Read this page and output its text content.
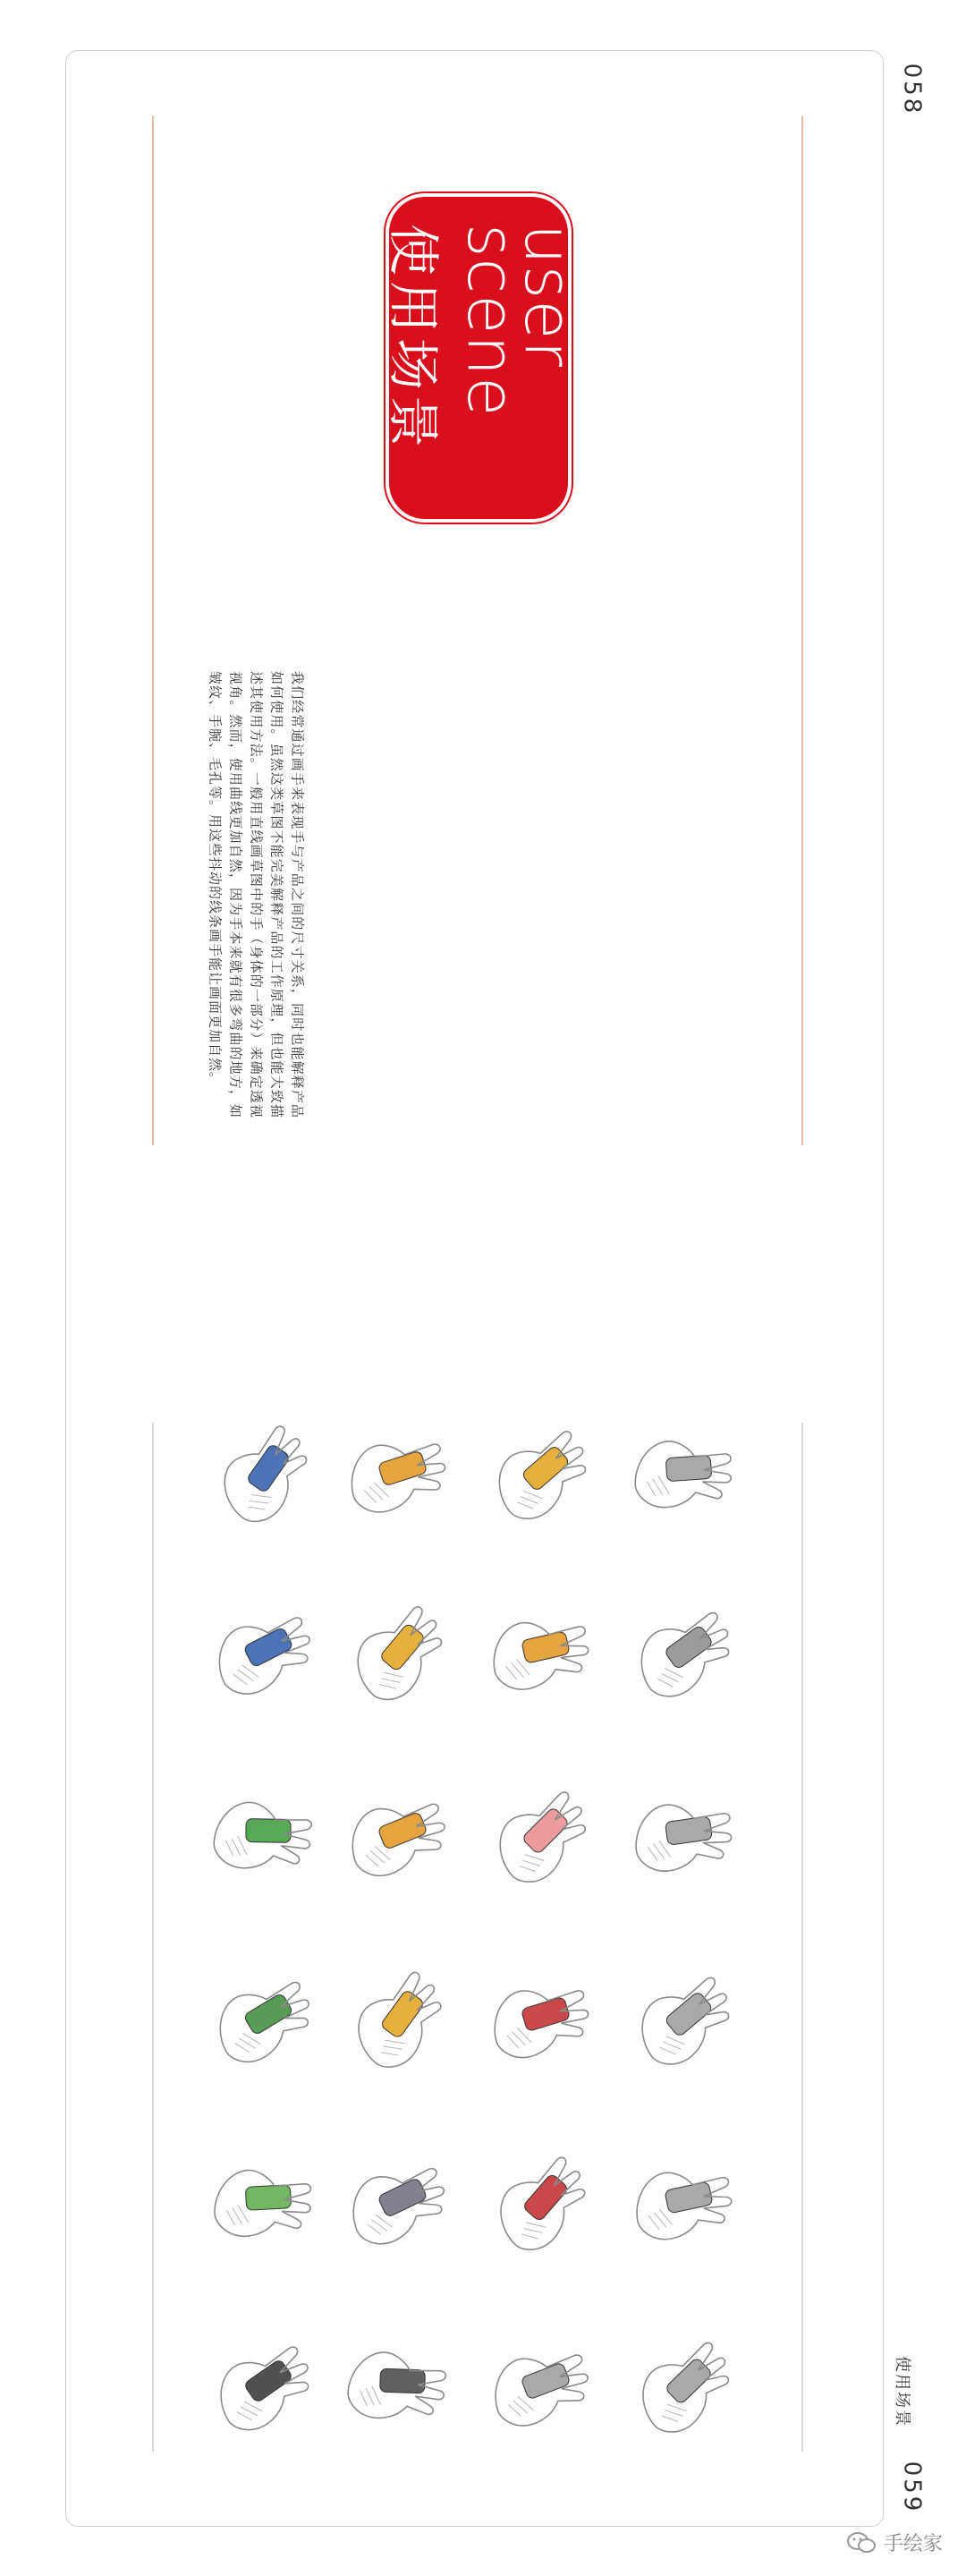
058
059
使用场景
user
scene
使用场景
我们经常通过画手来表现手与产品之间的尺寸关系，同时也能解释产品如何使用。虽然这类草图不能完美解释产品的工作原理，但也能大致描述其使用方法。一般用直线画草图中的手（身体的一部分）来确定透视视角。然而，使用曲线更加自然，因为手本来就有很多弯曲的地方，如皱纹、手腕、毛孔等。用这些抖动的线条画手能让画面更加自然。
手绘家
